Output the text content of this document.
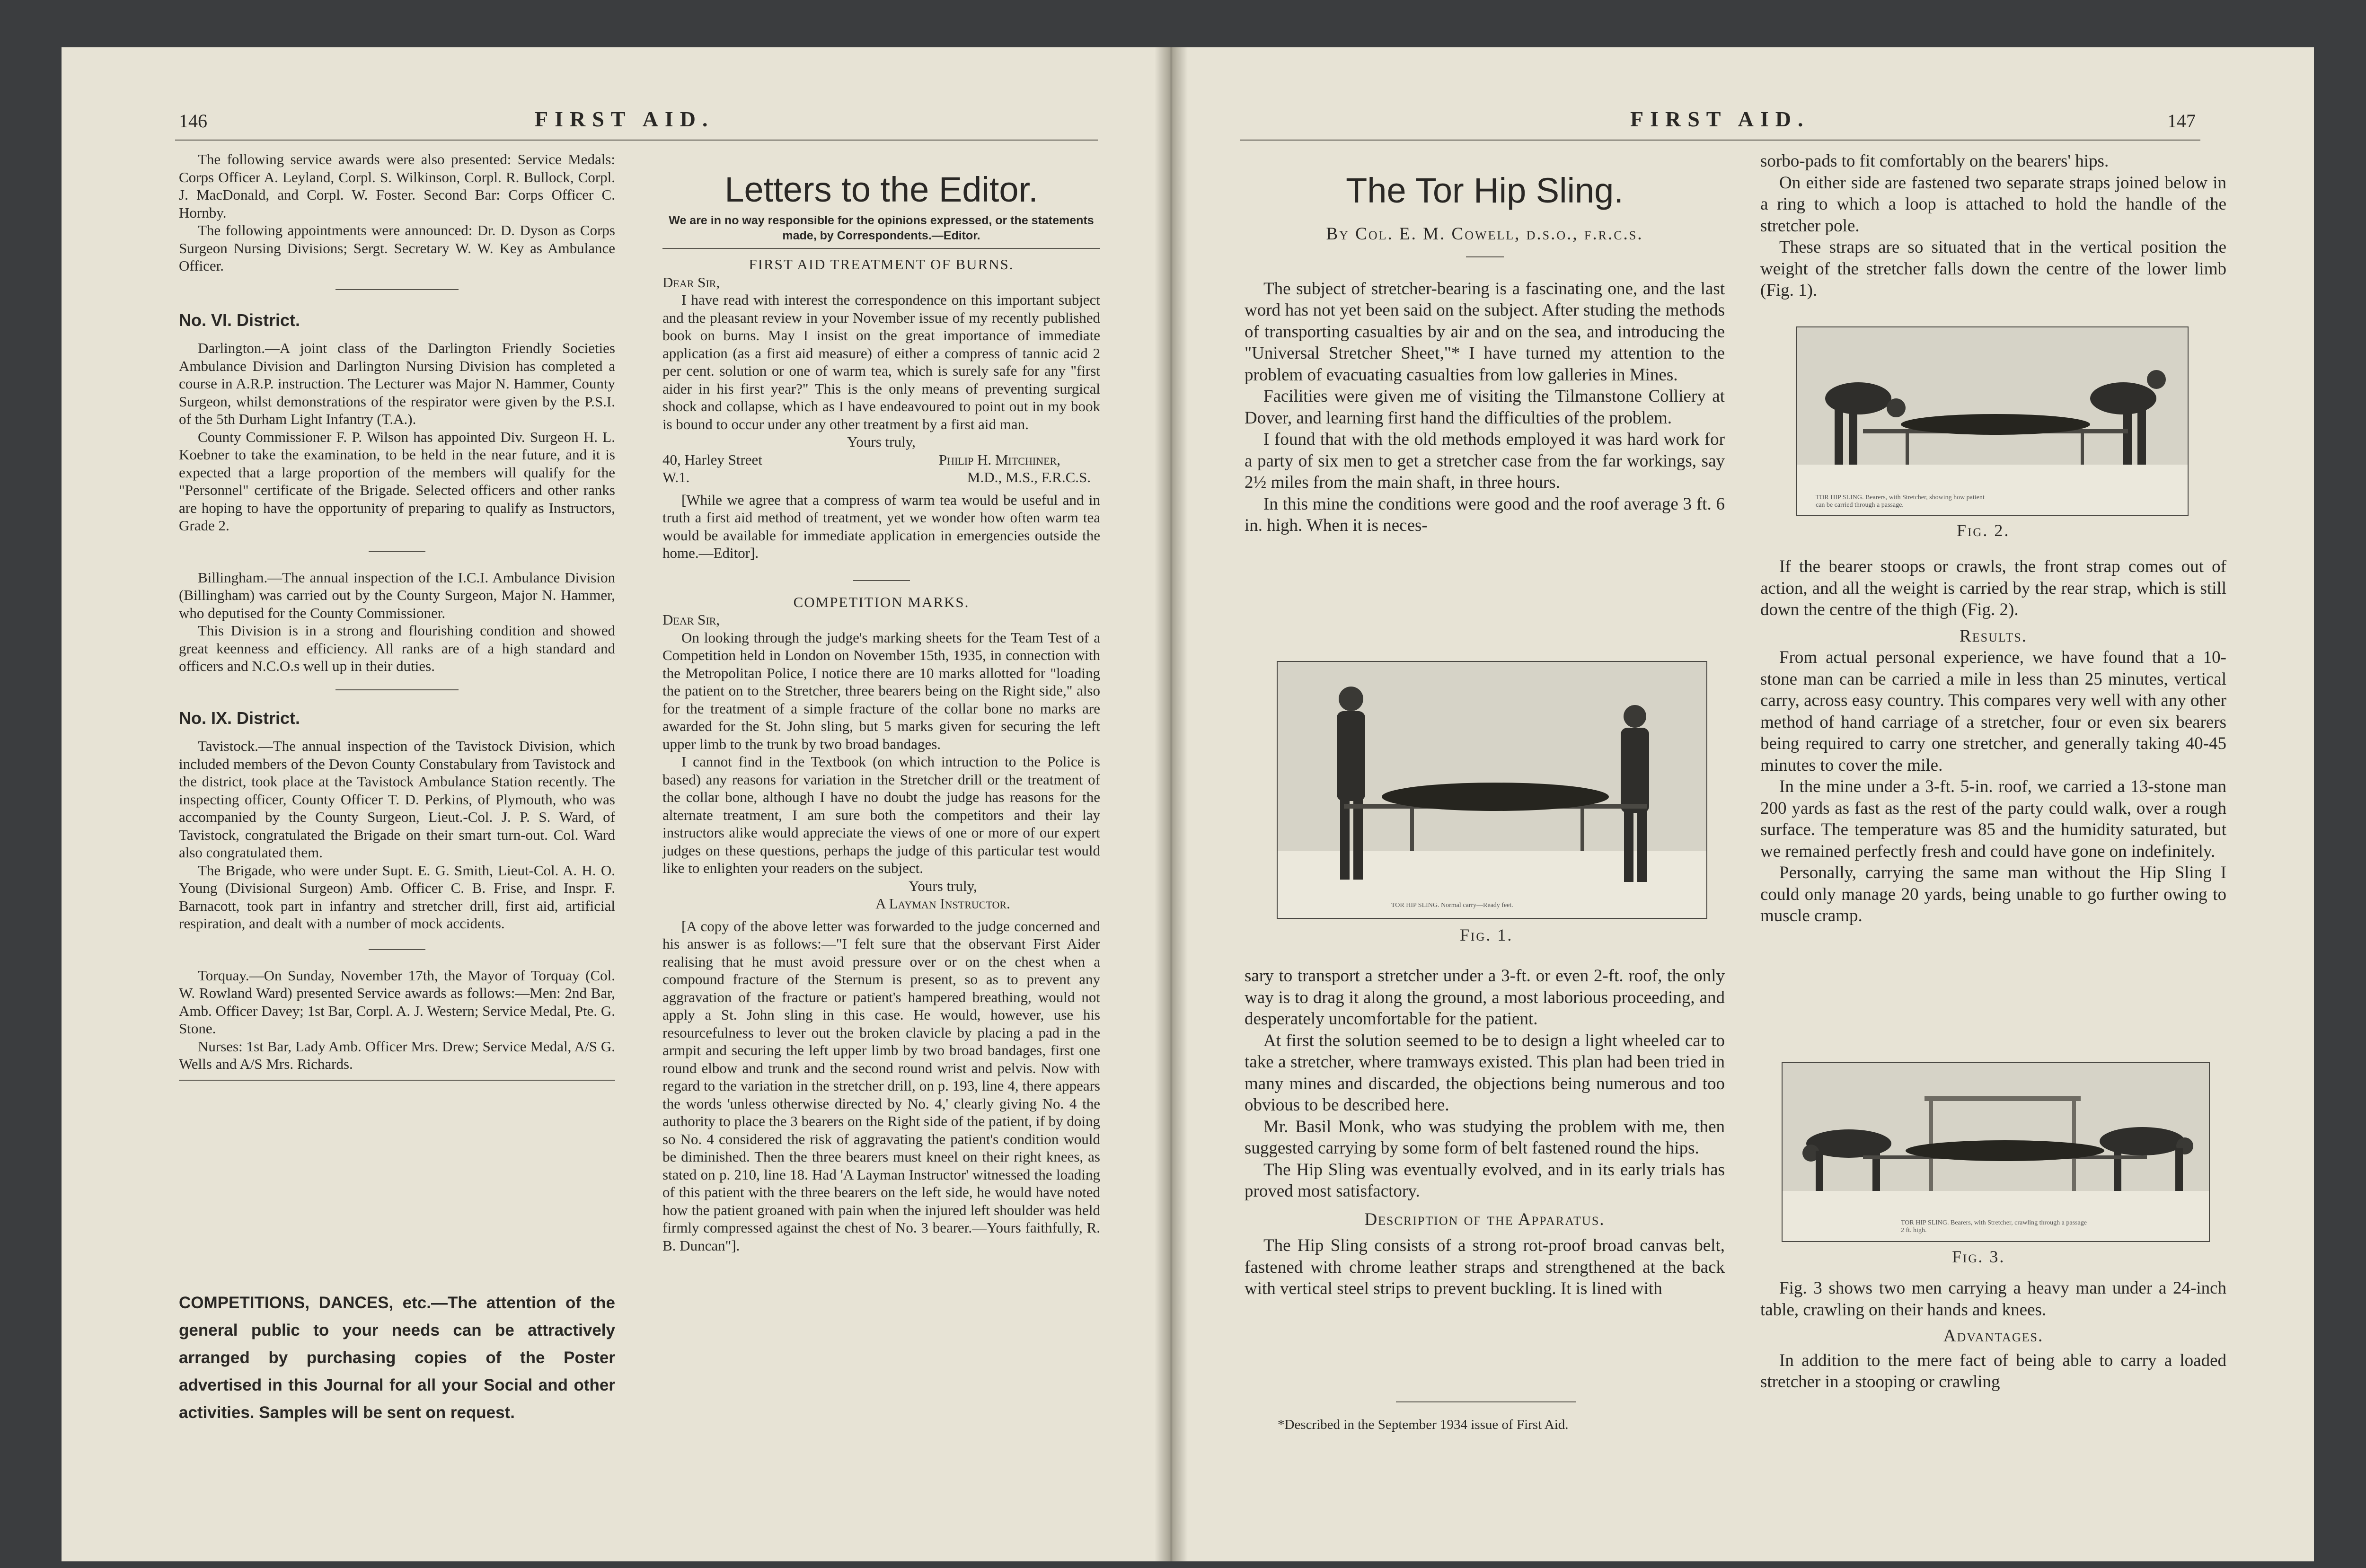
146	FIRST AID.

The following service awards were also presented: Service Medals: Corps Officer A. Leyland, Corpl. S. Wilkinson, Corpl. R. Bullock, Corpl. J. MacDonald, and Corpl. W. Foster. Second Bar: Corps Officer C. Hornby.

The following appointments were announced: Dr. D. Dyson as Corps Surgeon Nursing Divisions; Sergt. Secretary W. W. Key as Ambulance Officer.

No. VI. District.

Darlington.—A joint class of the Darlington Friendly Societies Ambulance Division and Darlington Nursing Division has completed a course in A.R.P. instruction. The Lecturer was Major N. Hammer, County Surgeon, whilst demonstrations of the respirator were given by the P.S.I. of the 5th Durham Light Infantry (T.A.).

County Commissioner F. P. Wilson has appointed Div. Surgeon H. L. Koebner to take the examination, to be held in the near future, and it is expected that a large proportion of the members will qualify for the "Personnel" certificate of the Brigade. Selected officers and other ranks are hoping to have the opportunity of preparing to qualify as Instructors, Grade 2.

Billingham.—The annual inspection of the I.C.I. Ambulance Division (Billingham) was carried out by the County Surgeon, Major N. Hammer, who deputised for the County Commissioner.

This Division is in a strong and flourishing condition and showed great keenness and efficiency. All ranks are of a high standard and officers and N.C.O.s well up in their duties.

No. IX. District.

Tavistock.—The annual inspection of the Tavistock Division, which included members of the Devon County Constabulary from Tavistock and the district, took place at the Tavistock Ambulance Station recently. The inspecting officer, County Officer T. D. Perkins, of Plymouth, who was accompanied by the County Surgeon, Lieut.-Col. J. P. S. Ward, of Tavistock, congratulated the Brigade on their smart turn-out. Col. Ward also congratulated them.

The Brigade, who were under Supt. E. G. Smith, Lieut-Col. A. H. O. Young (Divisional Surgeon) Amb. Officer C. B. Frise, and Inspr. F. Barnacott, took part in infantry and stretcher drill, first aid, artificial respiration, and dealt with a number of mock accidents.

Torquay.—On Sunday, November 17th, the Mayor of Torquay (Col. W. Rowland Ward) presented Service awards as follows:—Men: 2nd Bar, Amb. Officer Davey; 1st Bar, Corpl. A. J. Western; Service Medal, Pte. G. Stone.

Nurses: 1st Bar, Lady Amb. Officer Mrs. Drew; Service Medal, A/S G. Wells and A/S Mrs. Richards.

COMPETITIONS, DANCES, etc.—The attention of the general public to your needs can be attractively arranged by purchasing copies of the Poster advertised in this Journal for all your Social and other activities. Samples will be sent on request.

Letters to the Editor.
We are in no way responsible for the opinions expressed, or the statements made, by Correspondents.—Editor.
FIRST AID TREATMENT OF BURNS.

Dear Sir,

I have read with interest the correspondence on this important subject and the pleasant review in your November issue of my recently published book on burns. May I insist on the great importance of immediate application (as a first aid measure) of either a compress of tannic acid 2 per cent. solution or one of warm tea, which is surely safe for any "first aider in his first year?" This is the only means of preventing surgical shock and collapse, which as I have endeavoured to point out in my book is bound to occur under any other treatment by a first aid man.

Yours truly,
40, Harley Street
W.1.
Philip H. Mitchiner,
M.D., M.S., F.R.C.S.

[While we agree that a compress of warm tea would be useful and in truth a first aid method of treatment, yet we wonder how often warm tea would be available for immediate application in emergencies outside the home.—Editor].

COMPETITION MARKS.

Dear Sir,

On looking through the judge's marking sheets for the Team Test of a Competition held in London on November 15th, 1935, in connection with the Metropolitan Police, I notice there are 10 marks allotted for "loading the patient on to the Stretcher, three bearers being on the Right side," also for the treatment of a simple fracture of the collar bone no marks are awarded for the St. John sling, but 5 marks given for securing the left upper limb to the trunk by two broad bandages.

I cannot find in the Textbook (on which intruction to the Police is based) any reasons for variation in the Stretcher drill or the treatment of the collar bone, although I have no doubt the judge has reasons for the alternate treatment, I am sure both the competitors and their lay instructors alike would appreciate the views of one or more of our expert judges on these questions, perhaps the judge of this particular test would like to enlighten your readers on the subject.

Yours truly,
A Layman Instructor.

[A copy of the above letter was forwarded to the judge concerned and his answer is as follows:—"I felt sure that the observant First Aider realising that he must avoid pressure over or on the chest when a compound fracture of the Sternum is present, so as to prevent any aggravation of the fracture or patient's hampered breathing, would not apply a St. John sling in this case. He would, however, use his resourcefulness to lever out the broken clavicle by placing a pad in the armpit and securing the left upper limb by two broad bandages, first one round elbow and trunk and the second round wrist and pelvis. Now with regard to the variation in the stretcher drill, on p. 193, line 4, there appears the words 'unless otherwise directed by No. 4,' clearly giving No. 4 the authority to place the 3 bearers on the Right side of the patient, if by doing so No. 4 considered the risk of aggravating the patient's condition would be diminished. Then the three bearers must kneel on their right knees, as stated on p. 210, line 18. Had 'A Layman Instructor' witnessed the loading of this patient with the three bearers on the left side, he would have noted how the patient groaned with pain when the injured left shoulder was held firmly compressed against the chest of No. 3 bearer.—Yours faithfully, R. B. Duncan"].

FIRST AID.	147
The Tor Hip Sling.
By Col. E. M. Cowell, d.s.o., f.r.c.s.

The subject of stretcher-bearing is a fascinating one, and the last word has not yet been said on the subject. After studing the methods of transporting casualties by air and on the sea, and introducing the "Universal Stretcher Sheet,"* I have turned my attention to the problem of evacuating casualties from low galleries in Mines.

Facilities were given me of visiting the Tilmanstone Colliery at Dover, and learning first hand the difficulties of the problem.

I found that with the old methods employed it was hard work for a party of six men to get a stretcher case from the far workings, say 2½ miles from the main shaft, in three hours.

In this mine the conditions were good and the roof average 3 ft. 6 in. high. When it is neces-

TOR HIP SLING. Normal carry—Ready feet.
Fig. 1.

sary to transport a stretcher under a 3-ft. or even 2-ft. roof, the only way is to drag it along the ground, a most laborious proceeding, and desperately uncomfortable for the patient.

At first the solution seemed to be to design a light wheeled car to take a stretcher, where tramways existed. This plan had been tried in many mines and discarded, the objections being numerous and too obvious to be described here.

Mr. Basil Monk, who was studying the problem with me, then suggested carrying by some form of belt fastened round the hips.

The Hip Sling was eventually evolved, and in its early trials has proved most satisfactory.

Description of the Apparatus.

The Hip Sling consists of a strong rot-proof broad canvas belt, fastened with chrome leather straps and strengthened at the back with vertical steel strips to prevent buckling. It is lined with

*Described in the September 1934 issue of First Aid.

sorbo-pads to fit comfortably on the bearers' hips.

On either side are fastened two separate straps joined below in a ring to which a loop is attached to hold the handle of the stretcher pole.

These straps are so situated that in the vertical position the weight of the stretcher falls down the centre of the lower limb (Fig. 1).

TOR HIP SLING. Bearers, with Stretcher, showing how patient can be carried through a passage.
Fig. 2.

If the bearer stoops or crawls, the front strap comes out of action, and all the weight is carried by the rear strap, which is still down the centre of the thigh (Fig. 2).

Results.

From actual personal experience, we have found that a 10-stone man can be carried a mile in less than 25 minutes, vertical carry, across easy country. This compares very well with any other method of hand carriage of a stretcher, four or even six bearers being required to carry one stretcher, and generally taking 40-45 minutes to cover the mile.

In the mine under a 3-ft. 5-in. roof, we carried a 13-stone man 200 yards as fast as the rest of the party could walk, over a rough surface. The temperature was 85 and the humidity saturated, but we remained perfectly fresh and could have gone on indefinitely.

Personally, carrying the same man without the Hip Sling I could only manage 20 yards, being unable to go further owing to muscle cramp.

TOR HIP SLING. Bearers, with Stretcher, crawling through a passage 2 ft. high.
Fig. 3.

Fig. 3 shows two men carrying a heavy man under a 24-inch table, crawling on their hands and knees.

Advantages.

In addition to the mere fact of being able to carry a loaded stretcher in a stooping or crawling
